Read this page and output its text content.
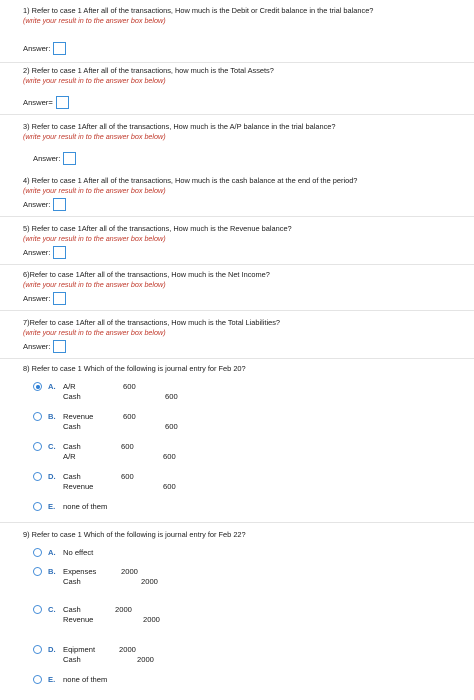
1) Refer to case 1 After all of the transactions, How much is the Debit or Credit balance in the trial balance?
(write your result in to the answer box below)
Answer:
2) Refer to case 1 After all of the transactions, how much is the Total Assets?
(write your result in to the answer box below)
Answer=
3) Refer to case 1After all of the transactions, How much is the A/P balance in the trial balance?
(write your result in to the answer box below)
Answer:
4) Refer to case 1 After all of the transactions, How much is the cash balance at the end of the period?
(write your result in to the answer box below)
Answer:
5) Refer to case 1After all of the transactions, How much is the Revenue balance?
(write your result in to the answer box below)
Answer:
6)Refer to case 1After all of the transactions, How much is the Net Income?
(write your result in to the answer box below)
Answer:
7)Refer to case 1After all of the transactions, How much is the Total Liabilities?
(write your result in to the answer box below)
Answer:
8) Refer to case 1 Which of the following is journal entry for Feb 20?
A. A/R
Cash
600
600
B. Revenue
Cash
600
600
C. Cash
A/R
600
600
D. Cash
Revenue
600
600
E. none of them
9) Refer to case 1 Which of the following is journal entry for Feb 22?
A. No effect
B. Expenses
Cash
2000
2000
C. Cash
Revenue
2000
2000
D. Eqipment
Cash
2000
2000
E. none of them
